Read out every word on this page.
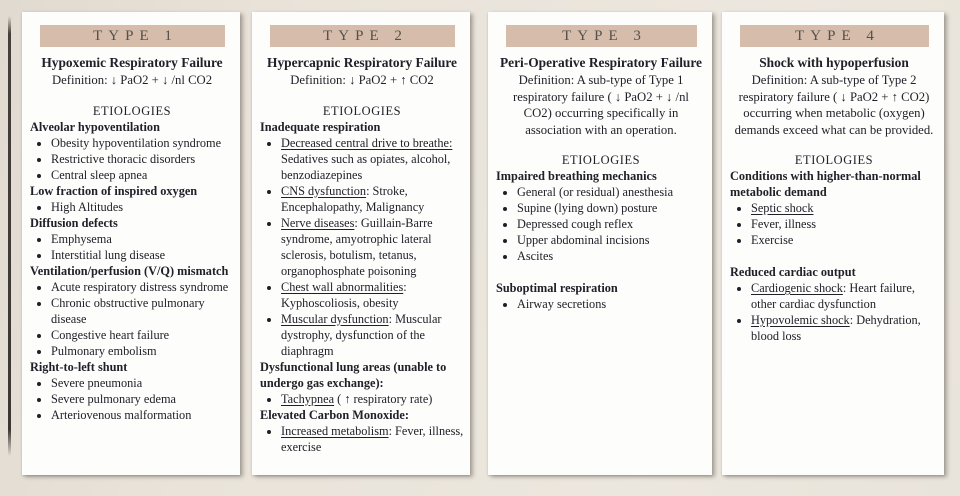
TYPE 1
Hypoxemic Respiratory Failure

Definition: ↓ PaO2 + ↓ /nl CO2

ETIOLOGIES
Alveolar hypoventilation
• Obesity hypoventilation syndrome
• Restrictive thoracic disorders
• Central sleep apnea
Low fraction of inspired oxygen
• High Altitudes
Diffusion defects
• Emphysema
• Interstitial lung disease
Ventilation/perfusion (V/Q) mismatch
• Acute respiratory distress syndrome
• Chronic obstructive pulmonary disease
• Congestive heart failure
• Pulmonary embolism
Right-to-left shunt
• Severe pneumonia
• Severe pulmonary edema
• Arteriovenous malformation
TYPE 2
Hypercapnic Respiratory Failure

Definition: ↓ PaO2 + ↑ CO2

ETIOLOGIES
Inadequate respiration
• Decreased central drive to breathe: Sedatives such as opiates, alcohol, benzodiazepines
• CNS dysfunction: Stroke, Encephalopathy, Malignancy
• Nerve diseases: Guillain-Barre syndrome, amyotrophic lateral sclerosis, botulism, tetanus, organophosphate poisoning
• Chest wall abnormalities: Kyphoscoliosis, obesity
• Muscular dysfunction: Muscular dystrophy, dysfunction of the diaphragm
Dysfunctional lung areas (unable to undergo gas exchange):
• Tachypnea ( ↑ respiratory rate)
Elevated Carbon Monoxide:
• Increased metabolism: Fever, illness, exercise
TYPE 3
Peri-Operative Respiratory Failure

Definition: A sub-type of Type 1 respiratory failure ( ↓ PaO2 + ↓ /nl CO2) occurring specifically in association with an operation.

ETIOLOGIES
Impaired breathing mechanics
• General (or residual) anesthesia
• Supine (lying down) posture
• Depressed cough reflex
• Upper abdominal incisions
• Ascites
Suboptimal respiration
• Airway secretions
TYPE 4
Shock with hypoperfusion

Definition: A sub-type of Type 2 respiratory failure ( ↓ PaO2 + ↑ CO2) occurring when metabolic (oxygen) demands exceed what can be provided.

ETIOLOGIES
Conditions with higher-than-normal metabolic demand
• Septic shock
• Fever, illness
• Exercise
Reduced cardiac output
• Cardiogenic shock: Heart failure, other cardiac dysfunction
• Hypovolemic shock: Dehydration, blood loss
